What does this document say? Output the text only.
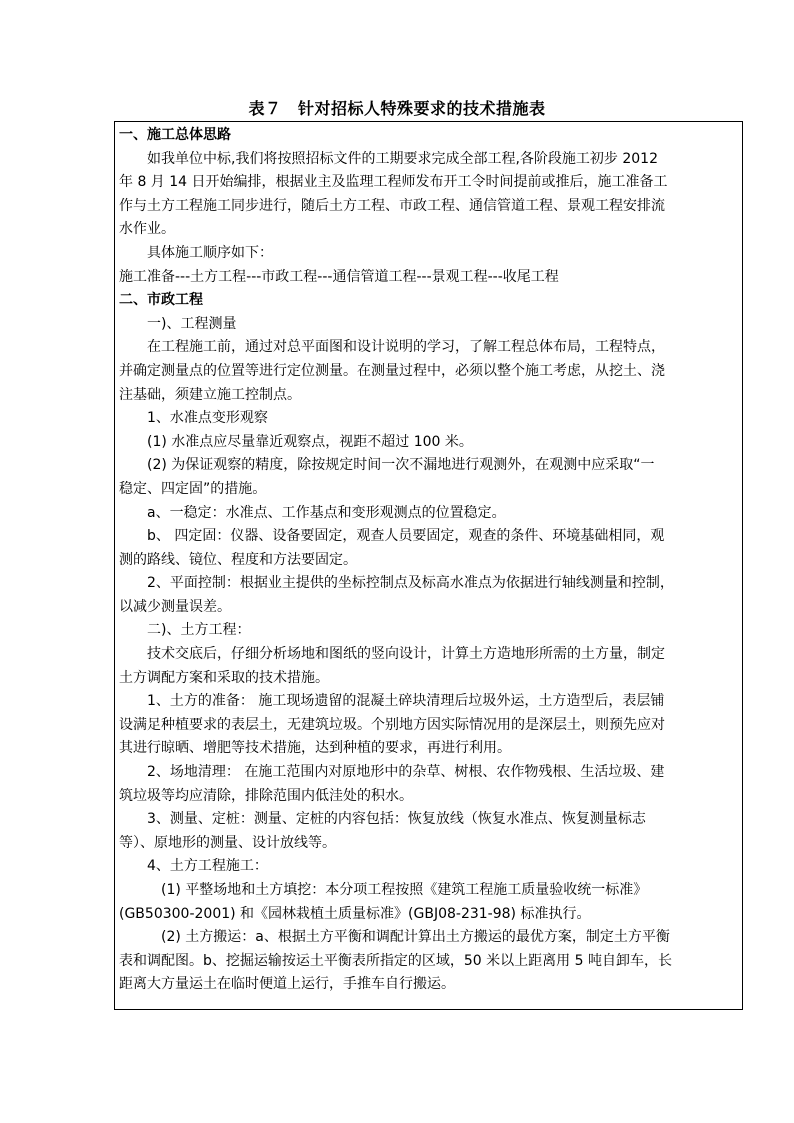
表７　针对招标人特殊要求的技术措施表
一、施工总体思路
如我单位中标,我们将按照招标文件的工期要求完成全部工程,各阶段施工初步 2012
年 8 月 14 日开始编排，根据业主及监理工程师发布开工令时间提前或推后，施工准备工
作与土方工程施工同步进行，随后土方工程、市政工程、通信管道工程、景观工程安排流
水作业。
具体施工顺序如下：
施工准备---土方工程---市政工程---通信管道工程---景观工程---收尾工程
二、市政工程
一)、工程测量
在工程施工前，通过对总平面图和设计说明的学习，了解工程总体布局，工程特点，
并确定测量点的位置等进行定位测量。在测量过程中，必须以整个施工考虑，从挖土、浇
注基础，须建立施工控制点。
1、水准点变形观察
(1) 水准点应尽量靠近观察点，视距不超过 100 米。
(2) 为保证观察的精度，除按规定时间一次不漏地进行观测外，在观测中应采取“一
稳定、四定固”的措施。
a、一稳定：水准点、工作基点和变形观测点的位置稳定。
b、 四定固：仪器、设备要固定，观查人员要固定，观查的条件、环境基础相同，观
测的路线、镜位、程度和方法要固定。
2、平面控制：根据业主提供的坐标控制点及标高水准点为依据进行轴线测量和控制，
以减少测量误差。
二)、土方工程：
技术交底后，仔细分析场地和图纸的竖向设计，计算土方造地形所需的土方量，制定
土方调配方案和采取的技术措施。
1、土方的准备： 施工现场遗留的混凝土碎块清理后垃圾外运，土方造型后，表层铺
设满足种植要求的表层土，无建筑垃圾。个别地方因实际情况用的是深层土，则预先应对
其进行晾晒、增肥等技术措施，达到种植的要求，再进行利用。
2、场地清理： 在施工范围内对原地形中的杂草、树根、农作物残根、生活垃圾、建
筑垃圾等均应清除，排除范围内低洼处的积水。
3、测量、定桩：测量、定桩的内容包括：恢复放线（恢复水准点、恢复测量标志
等）、原地形的测量、设计放线等。
4、土方工程施工：
(1) 平整场地和土方填挖：本分项工程按照《建筑工程施工质量验收统一标准》
(GB50300-2001) 和《园林栽植土质量标准》(GBJ08-231-98) 标准执行。
(2) 土方搬运：a、根据土方平衡和调配计算出土方搬运的最优方案，制定土方平衡
表和调配图。b、挖掘运输按运土平衡表所指定的区域，50 米以上距离用 5 吨自卸车，长
距离大方量运土在临时便道上运行，手推车自行搬运。
